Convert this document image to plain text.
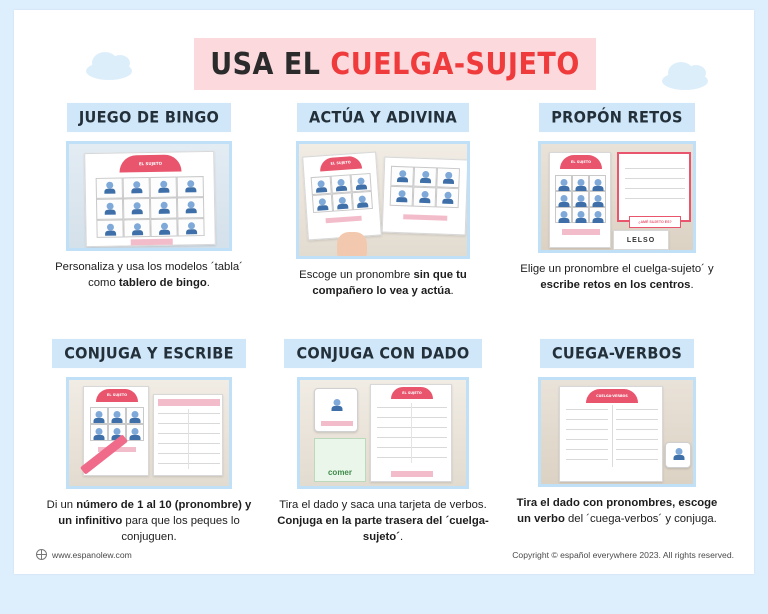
USA EL CUELGA-SUJETO
JUEGO DE BINGO
EL SUJETO
Personaliza y usa los modelos ´tabla´ como tablero de bingo.
ACTÚA Y ADIVINA
EL SUJETO
Escoge un pronombre sin que tu compañero lo vea y actúa.
PROPÓN RETOS
EL SUJETO
¿AMÉ SUJETO ES?
LELSO
Elige un pronombre el cuelga-sujeto´ y escribe retos en los centros.
CONJUGA Y ESCRIBE
EL SUJETO
Di un número de 1 al 10 (pronombre) y un infinitivo para que los peques lo conjuguen.
CONJUGA CON DADO
EL SUJETO
comer
Tira el dado y saca una tarjeta de verbos. Conjuga en la parte trasera del ´cuelga-sujeto´.
CUEGA-VERBOS
CUELGA-VERBOS
Tira el dado con pronombres, escoge un verbo del ´cuega-verbos´ y conjuga.
www.espanolew.com	Copyright © español everywhere 2023. All rights reserved.
